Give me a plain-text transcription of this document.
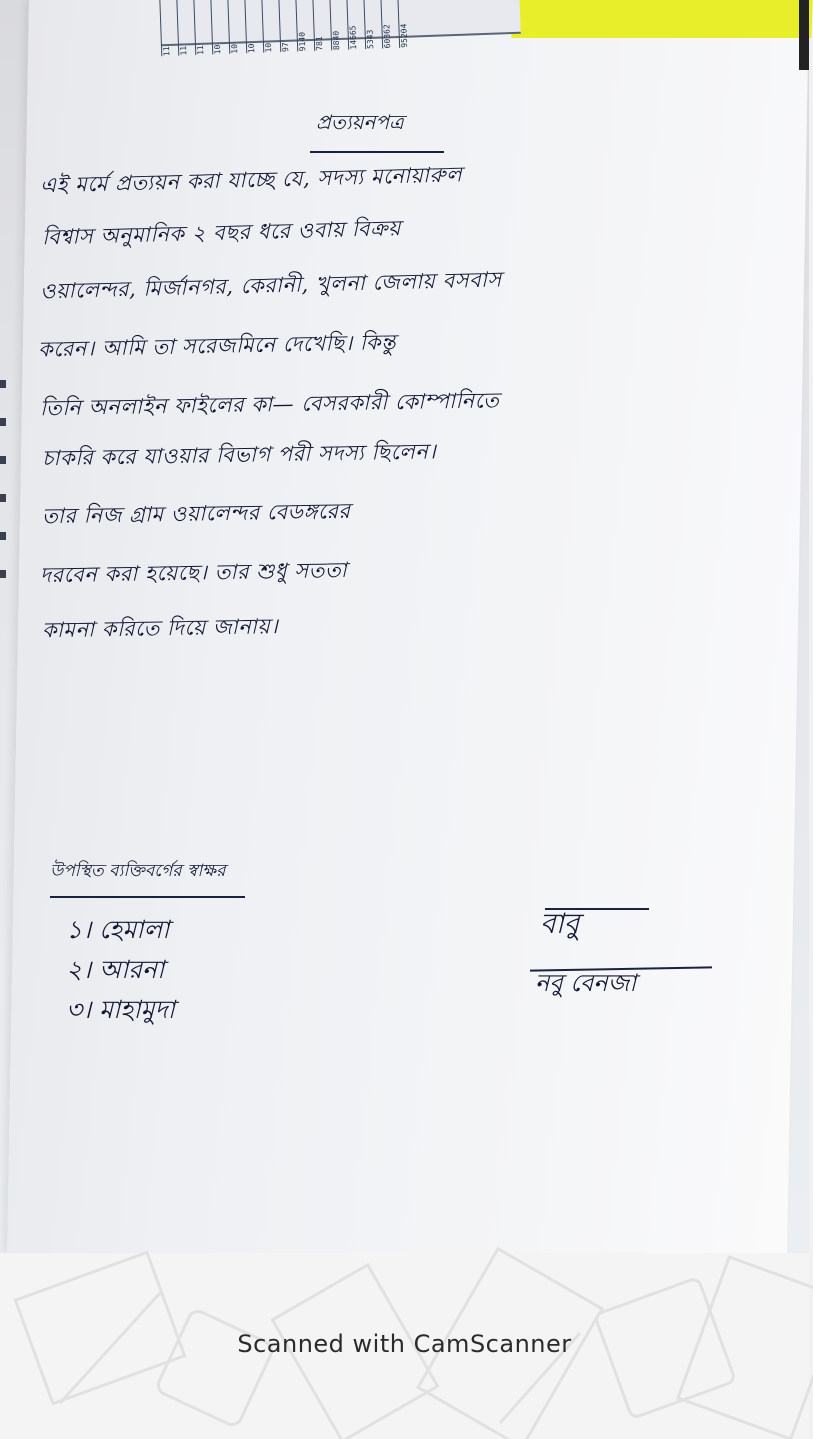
11 11 11 10 10 10 10 97 9140 781 8840 14665 5343 60362 95204
প্রত্যয়নপত্র
এই মর্মে প্রত্যয়ন করা যাচ্ছে যে, সদস্য মনোয়ারুল
বিশ্বাস অনুমানিক ২ বছর ধরে ওবায় বিক্রয়
ওয়ালেন্দর, মির্জানগর, কেরানী, খুলনা জেলায় বসবাস
করেন। আমি তা সরেজমিনে দেখেছি। কিন্তু
তিনি অনলাইন ফাইলের কা— বেসরকারী কোম্পানিতে
চাকরি করে যাওয়ার বিভাগ পরী সদস্য ছিলেন।
তার নিজ গ্রাম ওয়ালেন্দর বেডঙ্গরের
দরবেন করা হয়েছে। তার শুধু সততা
কামনা করিতে দিয়ে জানায়।
উপস্থিত ব্যক্তিবর্গের স্বাক্ষর
১। হেমালা
২। আরনা
৩। মাহামুদা
বাবু
নবু বেনজা
Scanned with CamScanner
